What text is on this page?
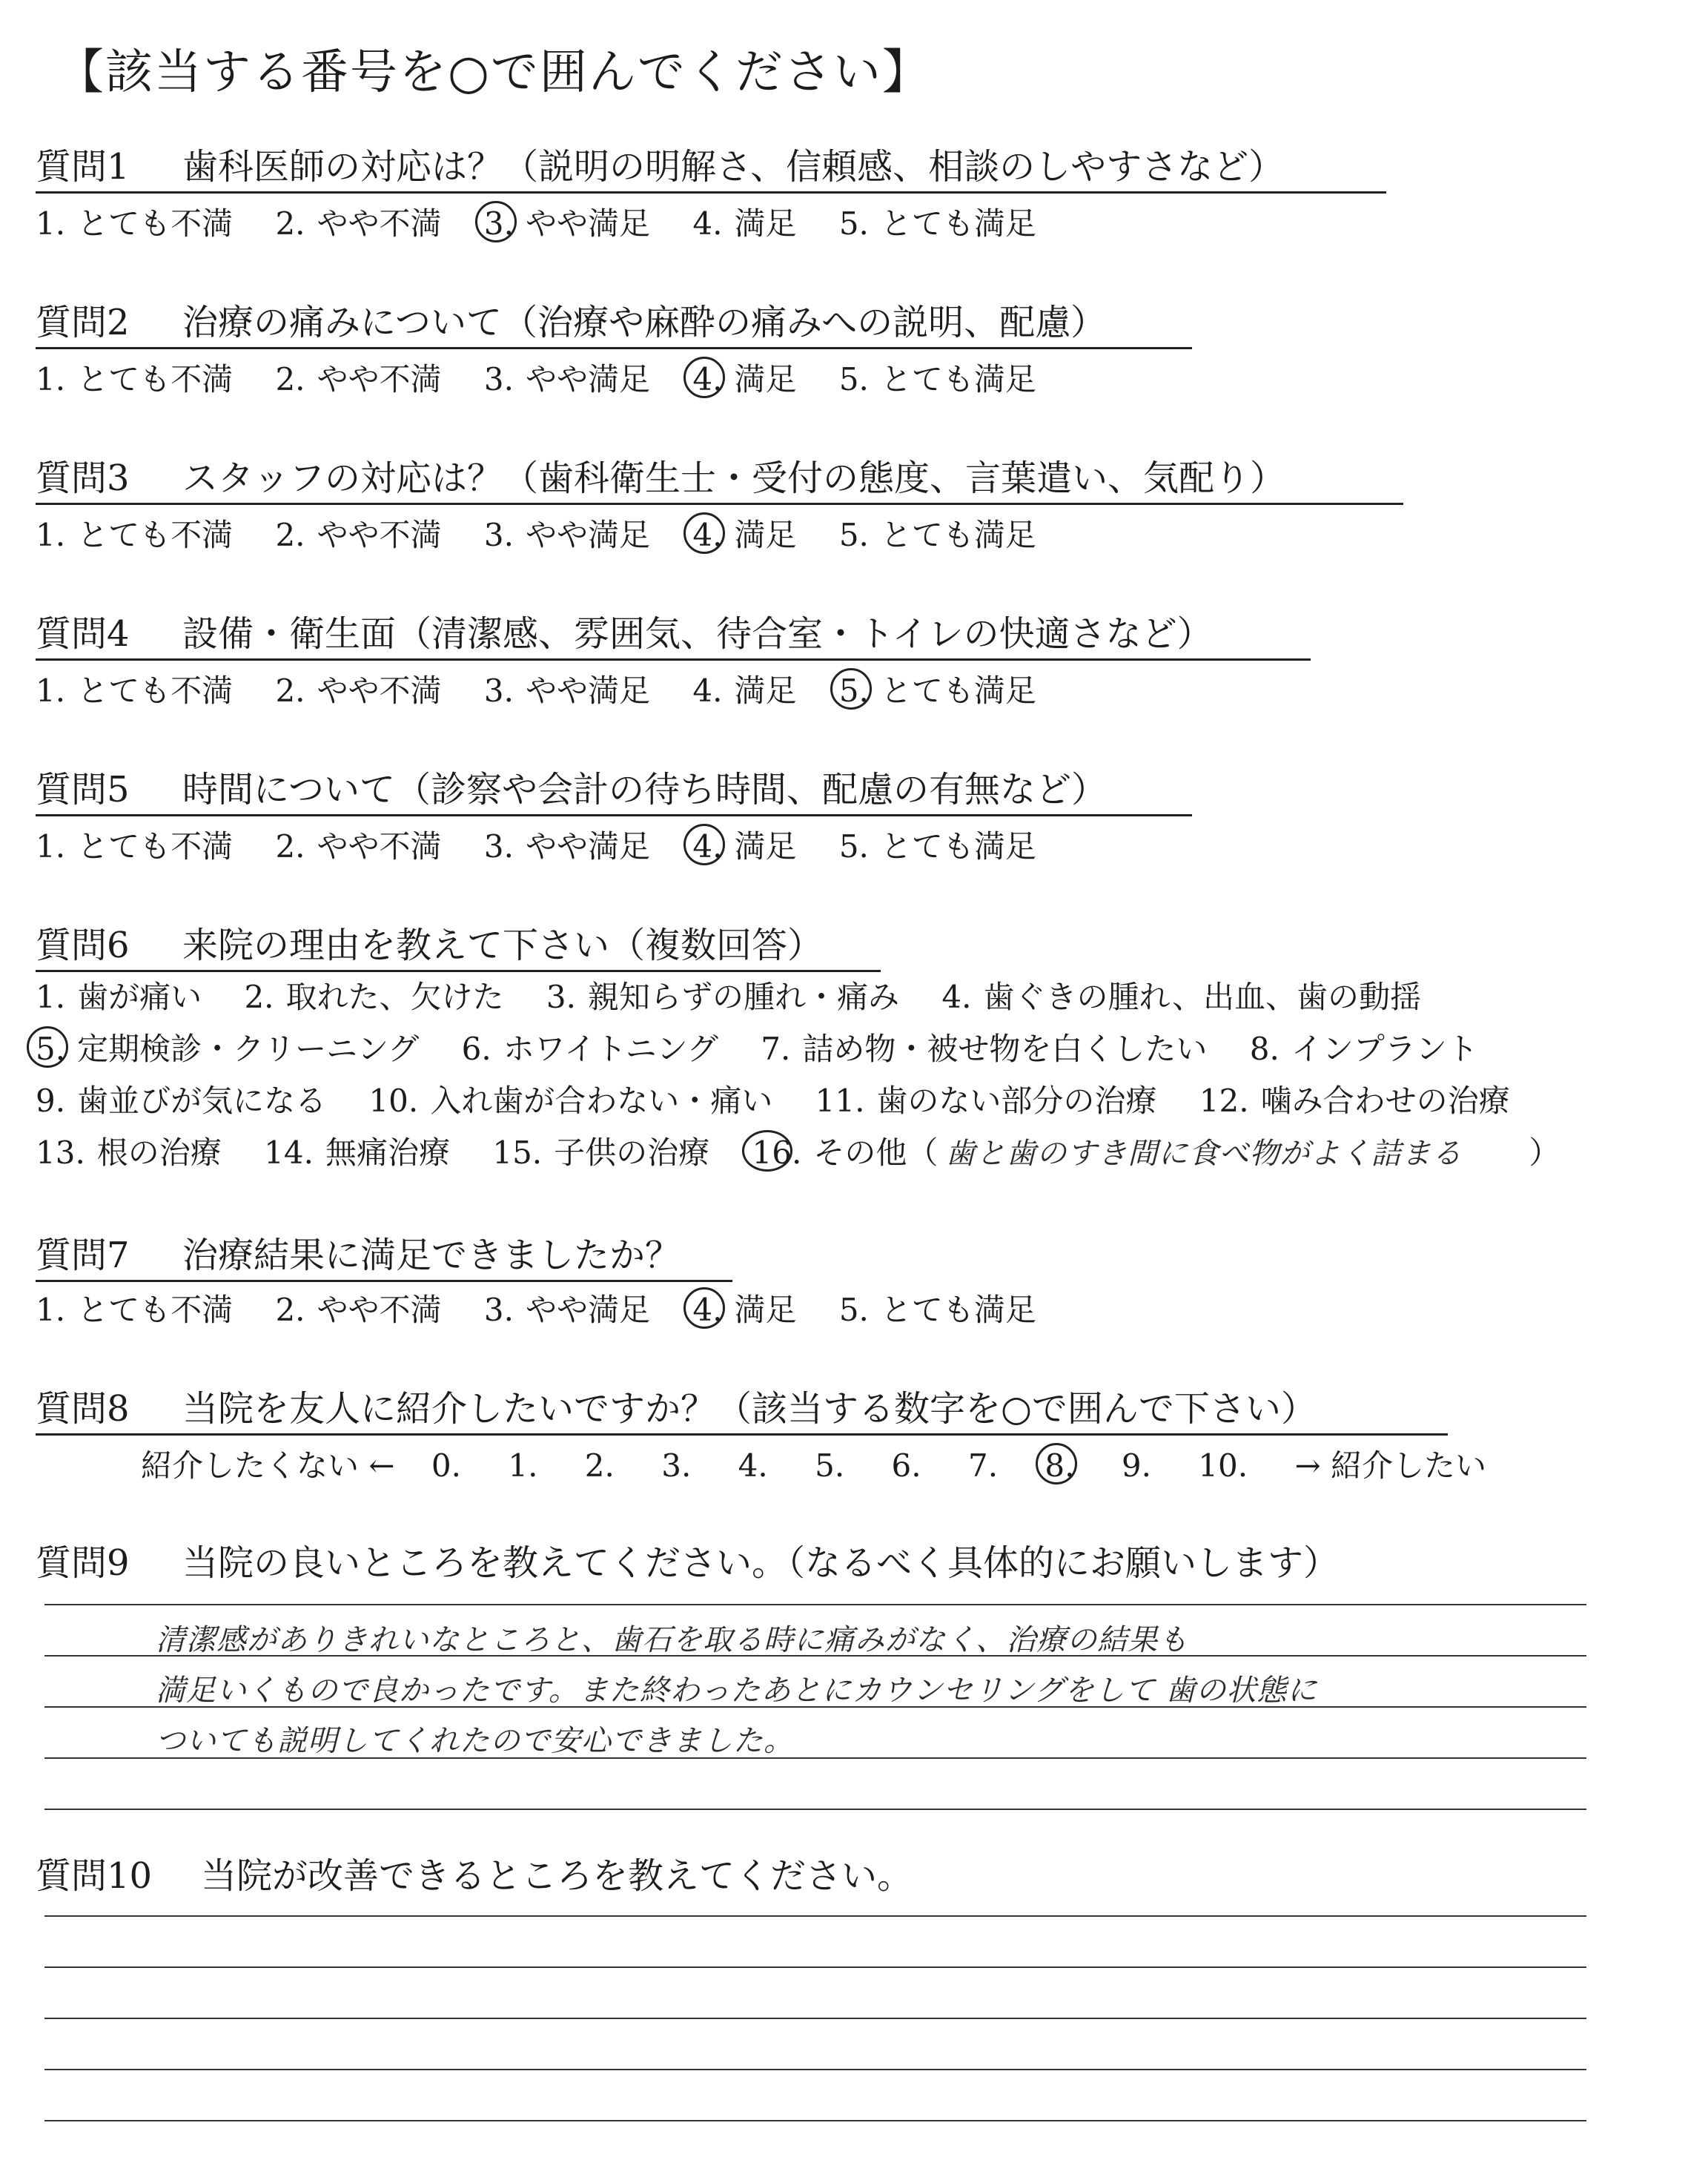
【該当する番号を○で囲んでください】
質問1 歯科医師の対応は？（説明の明解さ、信頼感、相談のしやすさなど）
1. とても不満 2. やや不満 3. やや満足 4. 満足 5. とても満足
質問2 治療の痛みについて（治療や麻酔の痛みへの説明、配慮）
1. とても不満 2. やや不満 3. やや満足 4. 満足 5. とても満足
質問3 スタッフの対応は？（歯科衛生士・受付の態度、言葉遣い、気配り）
1. とても不満 2. やや不満 3. やや満足 4. 満足 5. とても満足
質問4 設備・衛生面（清潔感、雰囲気、待合室・トイレの快適さなど）
1. とても不満 2. やや不満 3. やや満足 4. 満足 5. とても満足
質問5 時間について（診察や会計の待ち時間、配慮の有無など）
1. とても不満 2. やや不満 3. やや満足 4. 満足 5. とても満足
質問6 来院の理由を教えて下さい（複数回答）
1. 歯が痛い 2. 取れた、欠けた 3. 親知らずの腫れ・痛み 4. 歯ぐきの腫れ、出血、歯の動揺
5. 定期検診・クリーニング 6. ホワイトニング 7. 詰め物・被せ物を白くしたい 8. インプラント
9. 歯並びが気になる 10. 入れ歯が合わない・痛い 11. 歯のない部分の治療 12. 噛み合わせの治療
13. 根の治療 14. 無痛治療 15. 子供の治療 16. その他（ 歯と歯のすき間に食べ物がよく詰まる ）
質問7 治療結果に満足できましたか？
1. とても不満 2. やや不満 3. やや満足 4. 満足 5. とても満足
質問8 当院を友人に紹介したいですか？（該当する数字を○で囲んで下さい）
紹介したくない ← 0. 1. 2. 3. 4. 5. 6. 7. 8. 9. 10. → 紹介したい
質問9 当院の良いところを教えてください。（なるべく具体的にお願いします）
清潔感がありきれいなところと、歯石を取る時に痛みがなく、治療の結果も
満足いくもので良かったです。また終わったあとにカウンセリングをして 歯の状態に
ついても説明してくれたので安心できました。
質問10 当院が改善できるところを教えてください。
